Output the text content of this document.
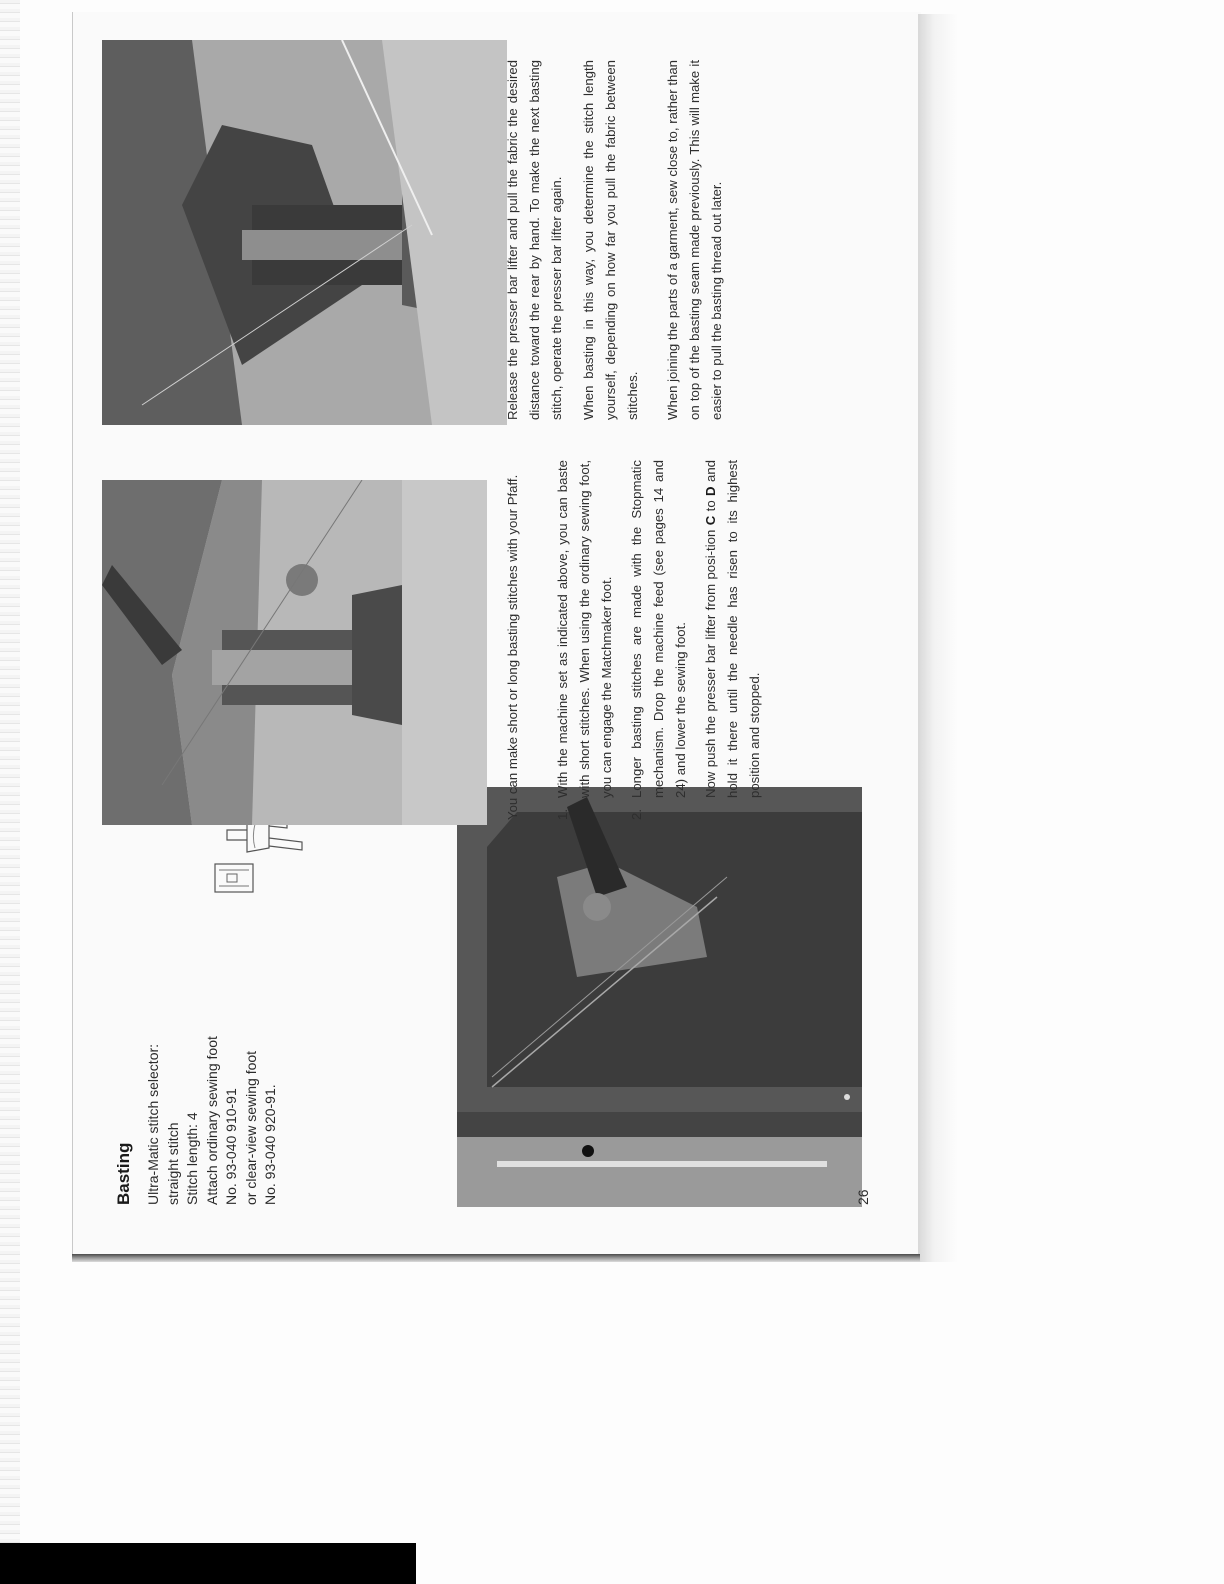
Basting Ultra-Matic stitch selector: straight stitch Stitch length: 4 Attach ordinary sewing foot No. 93-040 910-91 or clear-view sewing foot No. 93-040 920-91.	26

You can make short or long basting stitches with your Pfaff.	1.
With the machine set as indicated above, you can baste with short stitches. When using the ordinary sewing foot, you can engage the Matchmaker foot.
2.
Longer basting stitches are made with the Stopmatic mechanism. Drop the machine feed (see pages 14 and 24) and lower the sewing foot. Now push the presser bar lifter from posi-tion C to D and hold it there until the needle has risen to its highest position and stopped.

Release the presser bar lifter and pull the fabric the desired distance toward the rear by hand. To make the next basting stitch, operate the presser bar lifter again.	When basting in this way, you determine the stitch length yourself, depending on how far you pull the fabric between stitches.	When joining the parts of a garment, sew close to, rather than on top of the basting seam made previously. This will make it easier to pull the basting thread out later.
